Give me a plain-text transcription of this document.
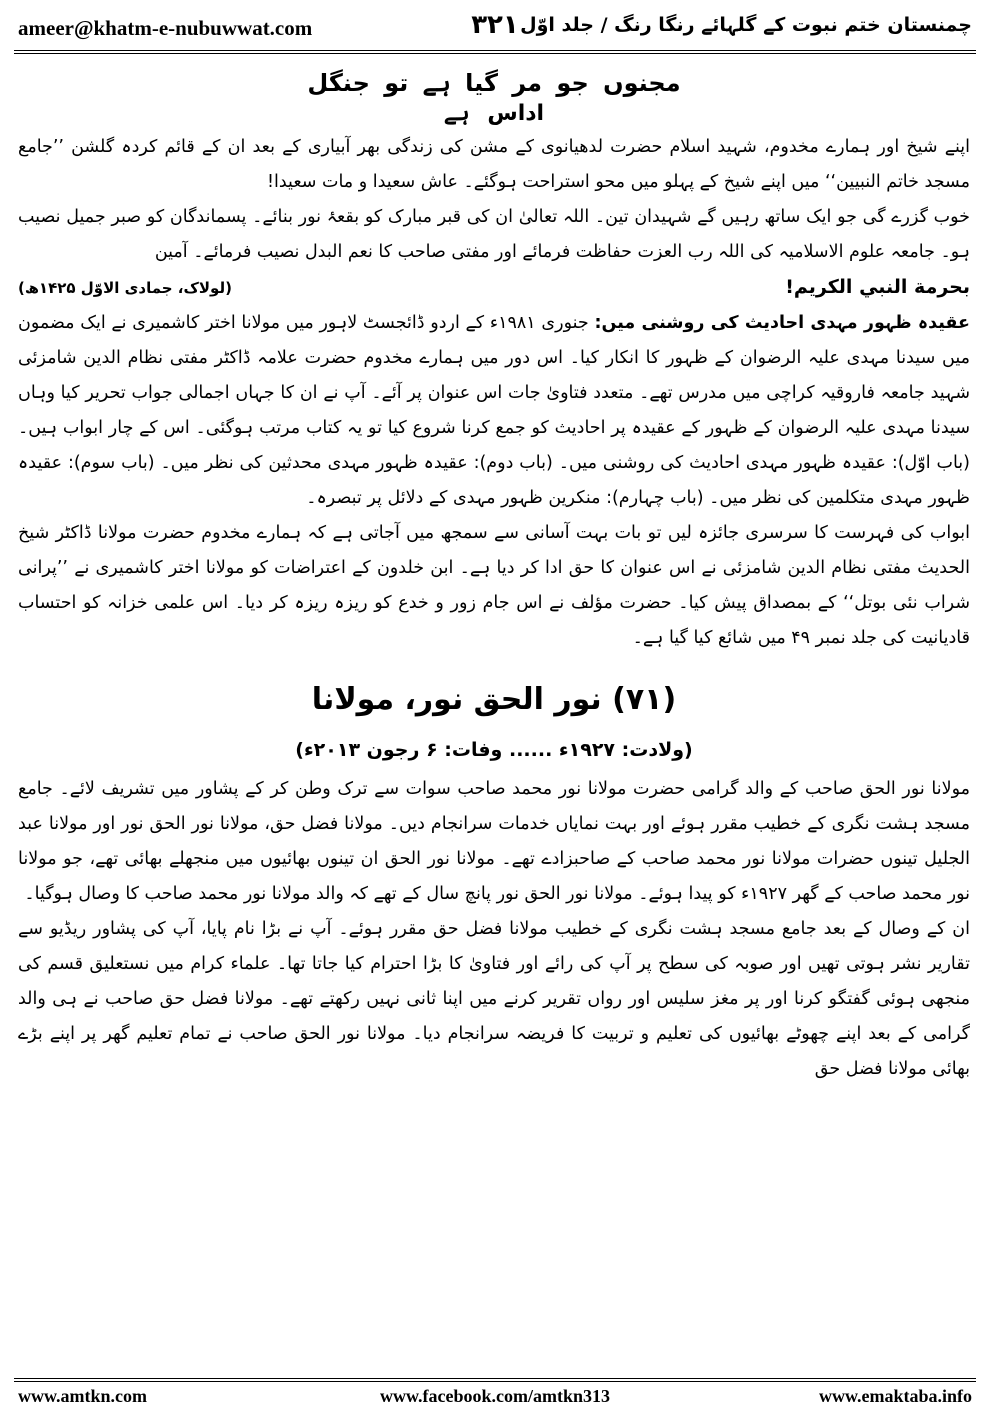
ameer@khatm-e-nubuwwat.com	۳۲۱ چمنستان ختم نبوت کے گلہائے رنگا رنگ / جلد اوّل

مجنوں جو مر گیا ہے تو جنگل

اداس ہے

اپنے شیخ اور ہمارے مخدوم، شہید اسلام حضرت لدھیانوی کے مشن کی زندگی بھر آبیاری کے بعد ان کے قائم کردہ گلشن ’’جامع مسجد خاتم النبیین‘‘ میں اپنے شیخ کے پہلو میں محو استراحت ہوگئے۔ عاش سعیدا و مات سعیدا!

خوب گزرے گی جو ایک ساتھ رہیں گے شہیدان تین۔ اللہ تعالیٰ ان کی قبر مبارک کو بقعۂ نور بنائے۔ پسماندگان کو صبر جمیل نصیب ہو۔ جامعہ علوم الاسلامیہ کی اللہ رب العزت حفاظت فرمائے اور مفتی صاحب کا نعم البدل نصیب فرمائے۔ آمین

بحرمة النبي الكريم!
(لولاک، جمادی الاوّل ۱۴۲۵ھ)

عقیدہ ظہور مہدی احادیث کی روشنی میں: جنوری ۱۹۸۱ء کے اردو ڈائجسٹ لاہور میں مولانا اختر کاشمیری نے ایک مضمون میں سیدنا مہدی علیہ الرضوان کے ظہور کا انکار کیا۔ اس دور میں ہمارے مخدوم حضرت علامہ ڈاکٹر مفتی نظام الدین شامزئی شہید جامعہ فاروقیہ کراچی میں مدرس تھے۔ متعدد فتاویٰ جات اس عنوان پر آئے۔ آپ نے ان کا جہاں اجمالی جواب تحریر کیا وہاں سیدنا مہدی علیہ الرضوان کے ظہور کے عقیدہ پر احادیث کو جمع کرنا شروع کیا تو یہ کتاب مرتب ہوگئی۔ اس کے چار ابواب ہیں۔ (باب اوّل): عقیدہ ظہور مہدی احادیث کی روشنی میں۔ (باب دوم): عقیدہ ظہور مہدی محدثین کی نظر میں۔ (باب سوم): عقیدہ ظہور مہدی متکلمین کی نظر میں۔ (باب چہارم): منکرین ظہور مہدی کے دلائل پر تبصرہ۔

ابواب کی فہرست کا سرسری جائزہ لیں تو بات بہت آسانی سے سمجھ میں آجاتی ہے کہ ہمارے مخدوم حضرت مولانا ڈاکٹر شیخ الحدیث مفتی نظام الدین شامزئی نے اس عنوان کا حق ادا کر دیا ہے۔ ابن خلدون کے اعتراضات کو مولانا اختر کاشمیری نے ’’پرانی شراب نئی بوتل‘‘ کے بمصداق پیش کیا۔ حضرت مؤلف نے اس جام زور و خدع کو ریزہ ریزہ کر دیا۔ اس علمی خزانہ کو احتساب قادیانیت کی جلد نمبر ۴۹ میں شائع کیا گیا ہے۔

(۷۱) نور الحق نور، مولانا
(ولادت: ۱۹۲۷ء ...... وفات: ۶ رجون ۲۰۱۳ء)

مولانا نور الحق صاحب کے والد گرامی حضرت مولانا نور محمد صاحب سوات سے ترک وطن کر کے پشاور میں تشریف لائے۔ جامع مسجد ہشت نگری کے خطیب مقرر ہوئے اور بہت نمایاں خدمات سرانجام دیں۔ مولانا فضل حق، مولانا نور الحق نور اور مولانا عبد الجلیل تینوں حضرات مولانا نور محمد صاحب کے صاحبزادے تھے۔ مولانا نور الحق ان تینوں بھائیوں میں منجھلے بھائی تھے، جو مولانا نور محمد صاحب کے گھر ۱۹۲۷ء کو پیدا ہوئے۔ مولانا نور الحق نور پانچ سال کے تھے کہ والد مولانا نور محمد صاحب کا وصال ہوگیا۔

ان کے وصال کے بعد جامع مسجد ہشت نگری کے خطیب مولانا فضل حق مقرر ہوئے۔ آپ نے بڑا نام پایا، آپ کی پشاور ریڈیو سے تقاریر نشر ہوتی تھیں اور صوبہ کی سطح پر آپ کی رائے اور فتاویٰ کا بڑا احترام کیا جاتا تھا۔ علماء کرام میں نستعلیق قسم کی منجھی ہوئی گفتگو کرنا اور پر مغز سلیس اور رواں تقریر کرنے میں اپنا ثانی نہیں رکھتے تھے۔ مولانا فضل حق صاحب نے ہی والد گرامی کے بعد اپنے چھوٹے بھائیوں کی تعلیم و تربیت کا فریضہ سرانجام دیا۔ مولانا نور الحق صاحب نے تمام تعلیم گھر پر اپنے بڑے بھائی مولانا فضل حق

www.amtkn.com	www.facebook.com/amtkn313	www.emaktaba.info
